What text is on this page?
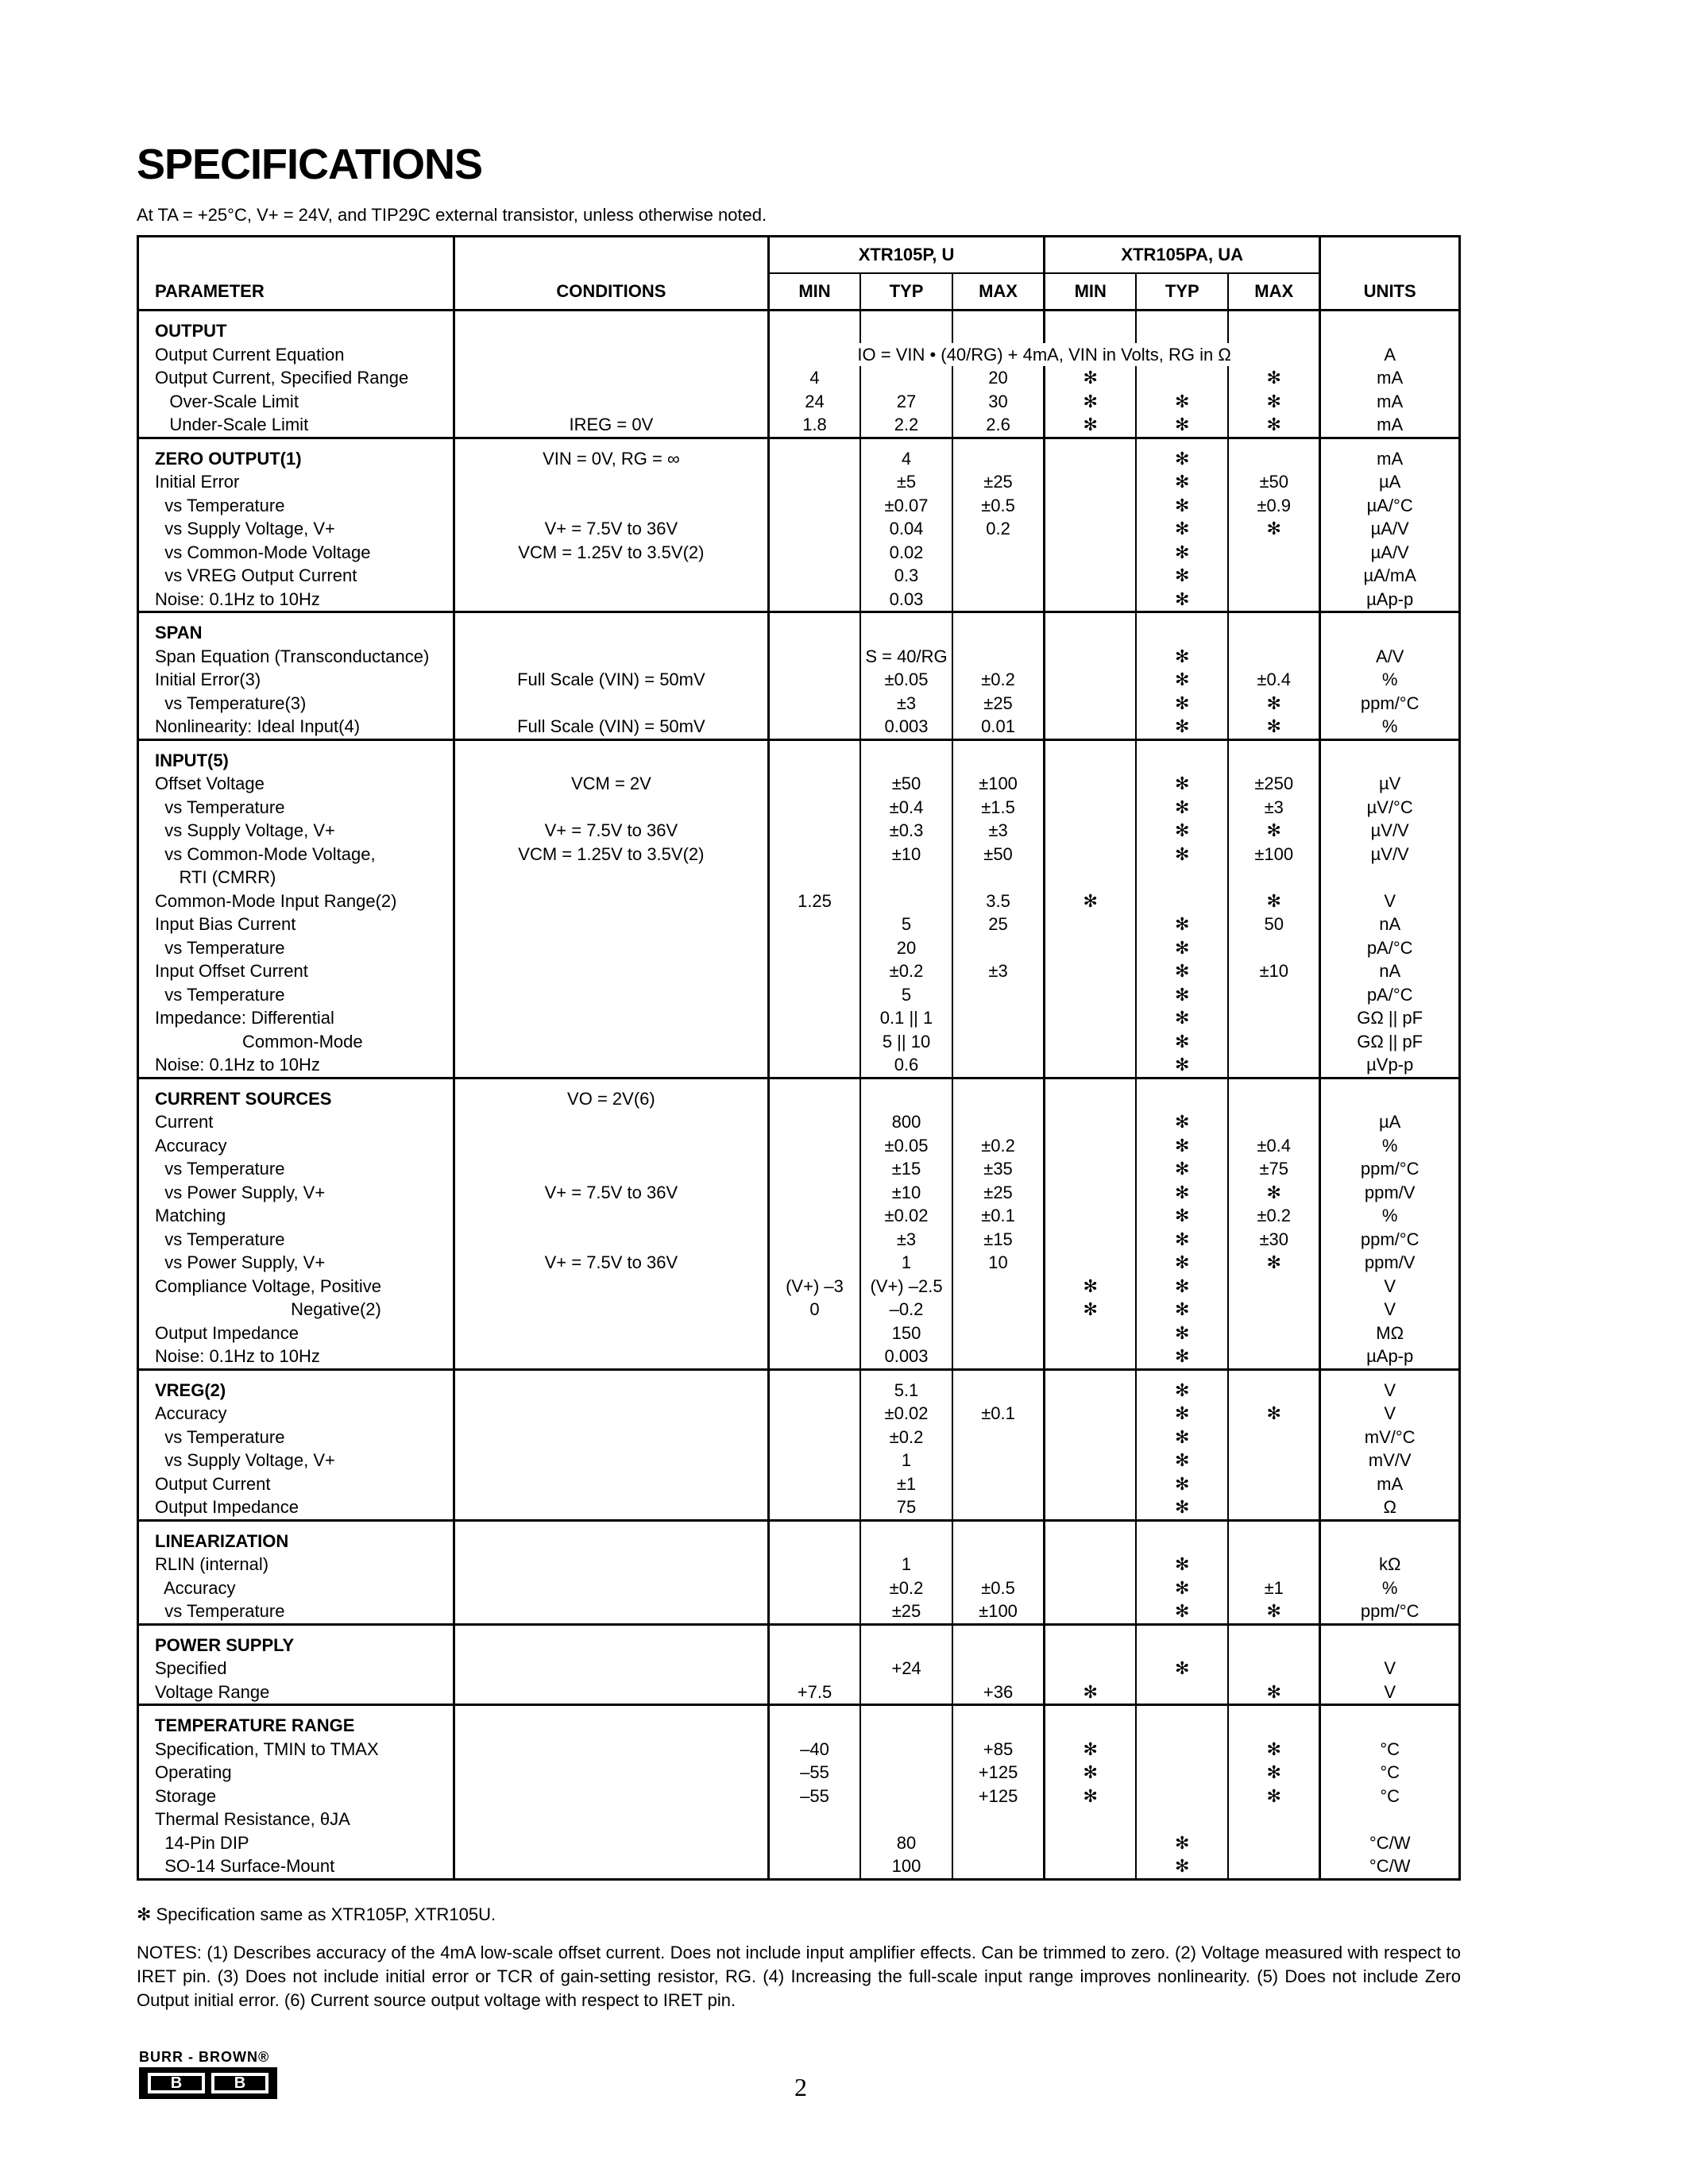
SPECIFICATIONS
At TA = +25°C, V+ = 24V, and TIP29C external transistor, unless otherwise noted.
		XTR105P, U			XTR105PA, UA			
PARAMETER	CONDITIONS	MIN	TYP	MAX	MIN	TYP	MAX	UNITS
OUTPUT								
Output Current Equation		IO = VIN • (40/RG) + 4mA, VIN in Volts, RG in Ω						A
Output Current, Specified Range		4		20	✻		✻	mA
Over-Scale Limit		24	27	30	✻	✻	✻	mA
Under-Scale Limit	IREG = 0V	1.8	2.2	2.6	✻	✻	✻	mA
ZERO OUTPUT(1)	VIN = 0V, RG = ∞		4			✻		mA
Initial Error			±5	±25		✻	±50	µA
vs Temperature			±0.07	±0.5		✻	±0.9	µA/°C
vs Supply Voltage, V+	V+ = 7.5V to 36V		0.04	0.2		✻	✻	µA/V
vs Common-Mode Voltage	VCM = 1.25V to 3.5V(2)		0.02			✻		µA/V
vs VREG Output Current			0.3			✻		µA/mA
Noise: 0.1Hz to 10Hz			0.03			✻		µAp-p
SPAN								
Span Equation (Transconductance)			S = 40/RG			✻		A/V
Initial Error(3)	Full Scale (VIN) = 50mV		±0.05	±0.2		✻	±0.4	%
vs Temperature(3)			±3	±25		✻	✻	ppm/°C
Nonlinearity: Ideal Input(4)	Full Scale (VIN) = 50mV		0.003	0.01		✻	✻	%
INPUT(5)								
Offset Voltage	VCM = 2V		±50	±100		✻	±250	µV
vs Temperature			±0.4	±1.5		✻	±3	µV/°C
vs Supply Voltage, V+	V+ = 7.5V to 36V		±0.3	±3		✻	✻	µV/V
vs Common-Mode Voltage,	VCM = 1.25V to 3.5V(2)		±10	±50		✻	±100	µV/V
RTI (CMRR)								
Common-Mode Input Range(2)		1.25		3.5	✻		✻	V
Input Bias Current			5	25		✻	50	nA
vs Temperature			20			✻		pA/°C
Input Offset Current			±0.2	±3		✻	±10	nA
vs Temperature			5			✻		pA/°C
Impedance: Differential			0.1 || 1			✻		GΩ || pF
Common-Mode			5 || 10			✻		GΩ || pF
Noise: 0.1Hz to 10Hz			0.6			✻		µVp-p
CURRENT SOURCES	VO = 2V(6)							
Current			800			✻		µA
Accuracy			±0.05	±0.2		✻	±0.4	%
vs Temperature			±15	±35		✻	±75	ppm/°C
vs Power Supply, V+	V+ = 7.5V to 36V		±10	±25		✻	✻	ppm/V
Matching			±0.02	±0.1		✻	±0.2	%
vs Temperature			±3	±15		✻	±30	ppm/°C
vs Power Supply, V+	V+ = 7.5V to 36V		1	10		✻	✻	ppm/V
Compliance Voltage, Positive		(V+) –3	(V+) –2.5		✻	✻		V
Negative(2)		0	–0.2		✻	✻		V
Output Impedance			150			✻		MΩ
Noise: 0.1Hz to 10Hz			0.003			✻		µAp-p
VREG(2)			5.1			✻		V
Accuracy			±0.02	±0.1		✻	✻	V
vs Temperature			±0.2			✻		mV/°C
vs Supply Voltage, V+			1			✻		mV/V
Output Current			±1			✻		mA
Output Impedance			75			✻		Ω
LINEARIZATION								
RLIN (internal)			1			✻		kΩ
Accuracy			±0.2	±0.5		✻	±1	%
vs Temperature			±25	±100		✻	✻	ppm/°C
POWER SUPPLY								
Specified			+24			✻		V
Voltage Range		+7.5		+36	✻		✻	V
TEMPERATURE RANGE								
Specification, TMIN to TMAX		–40		+85	✻		✻	°C
Operating		–55		+125	✻		✻	°C
Storage		–55		+125	✻		✻	°C
Thermal Resistance, θJA								
14-Pin DIP			80			✻		°C/W
SO-14 Surface-Mount			100			✻		°C/W
✻ Specification same as XTR105P, XTR105U.
NOTES: (1) Describes accuracy of the 4mA low-scale offset current. Does not include input amplifier effects. Can be trimmed to zero. (2) Voltage measured with respect to IRET pin. (3) Does not include initial error or TCR of gain-setting resistor, RG. (4) Increasing the full-scale input range improves nonlinearity. (5) Does not include Zero Output initial error. (6) Current source output voltage with respect to IRET pin.
BURR - BROWN®
B	B	2
